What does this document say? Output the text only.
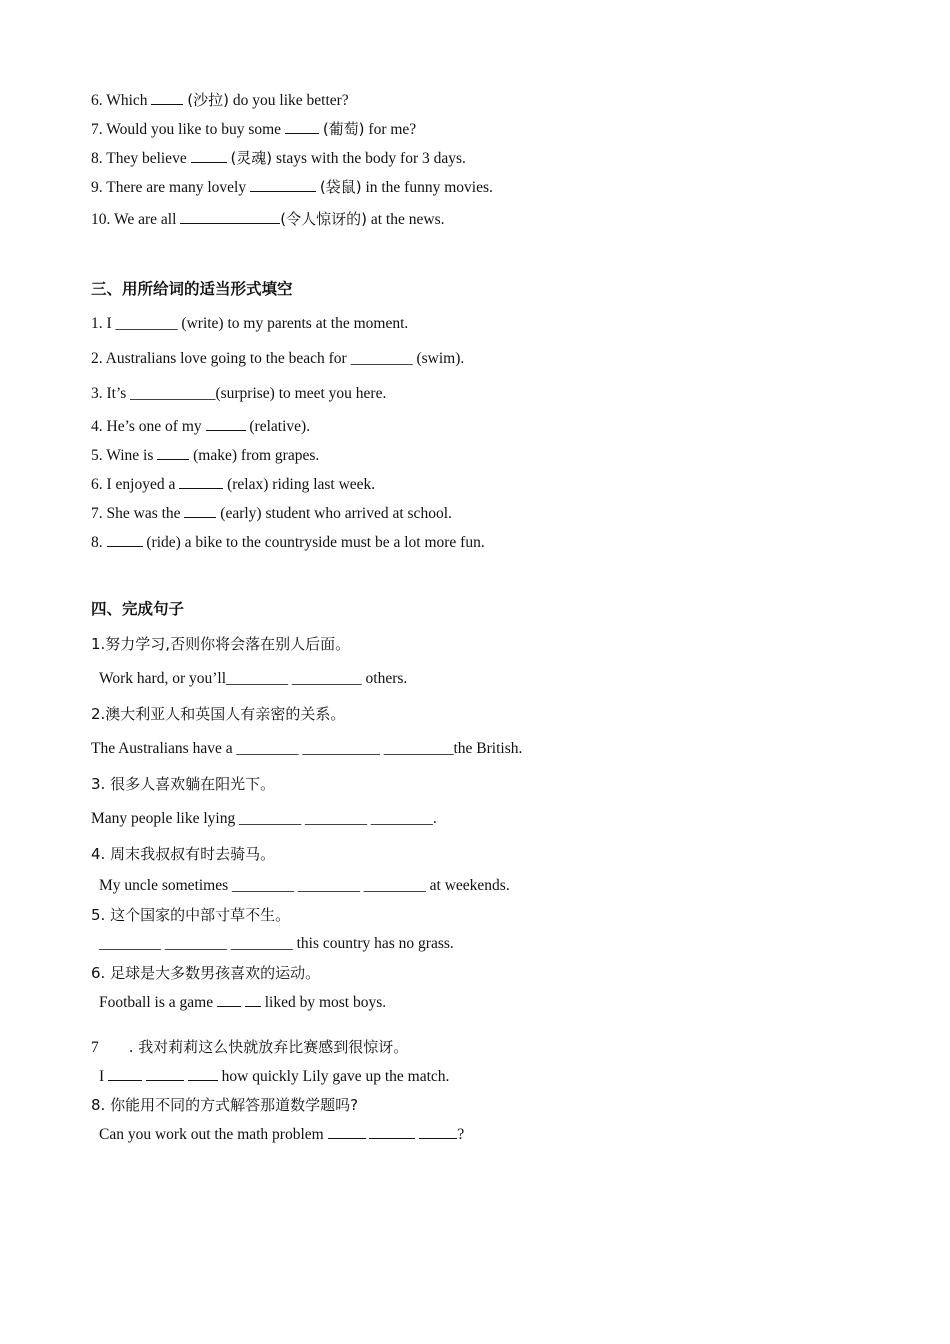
6. Which  (沙拉) do you like better?
7. Would you like to buy some	(葡萄) for me?
8. They believe	(灵魂) stays with the body for 3 days.
9. There are many lovely	(袋鼠) in the funny movies.
10. We are all	(令人惊讶的) at the news.
三、用所给词的适当形式填空
1. I ________ (write) to my parents at the moment.
2. Australians love going to the beach for ________ (swim).
3. It’s ___________(surprise) to meet you here.
4. He’s one of my	(relative).
5. Wine is  (make) from grapes.
6. I enjoyed a	(relax) riding last week.
7. She was the  (early) student who arrived at school.
8.	(ride) a bike to the countryside must be a lot more fun.
四、完成句子
1.努力学习,否则你将会落在别人后面。
Work hard, or you’ll________ _________ others.
2.澳大利亚人和英国人有亲密的关系。
The Australians have a ________ __________ _________the British.
3. 很多人喜欢躺在阳光下。
Many people like lying ________ ________ ________.
4. 周末我叔叔有时去骑马。
My uncle sometimes ________ ________ ________ at weekends.
5. 这个国家的中部寸草不生。
________ ________ ________ this country has no grass.
6. 足球是大多数男孩喜欢的运动。
Football is a game	liked by most boys.
7 . 我对莉莉这么快就放弃比赛感到很惊讶。
I	how quickly Lily gave up the match.
8. 你能用不同的方式解答那道数学题吗?
Can you work out the math problem	?
